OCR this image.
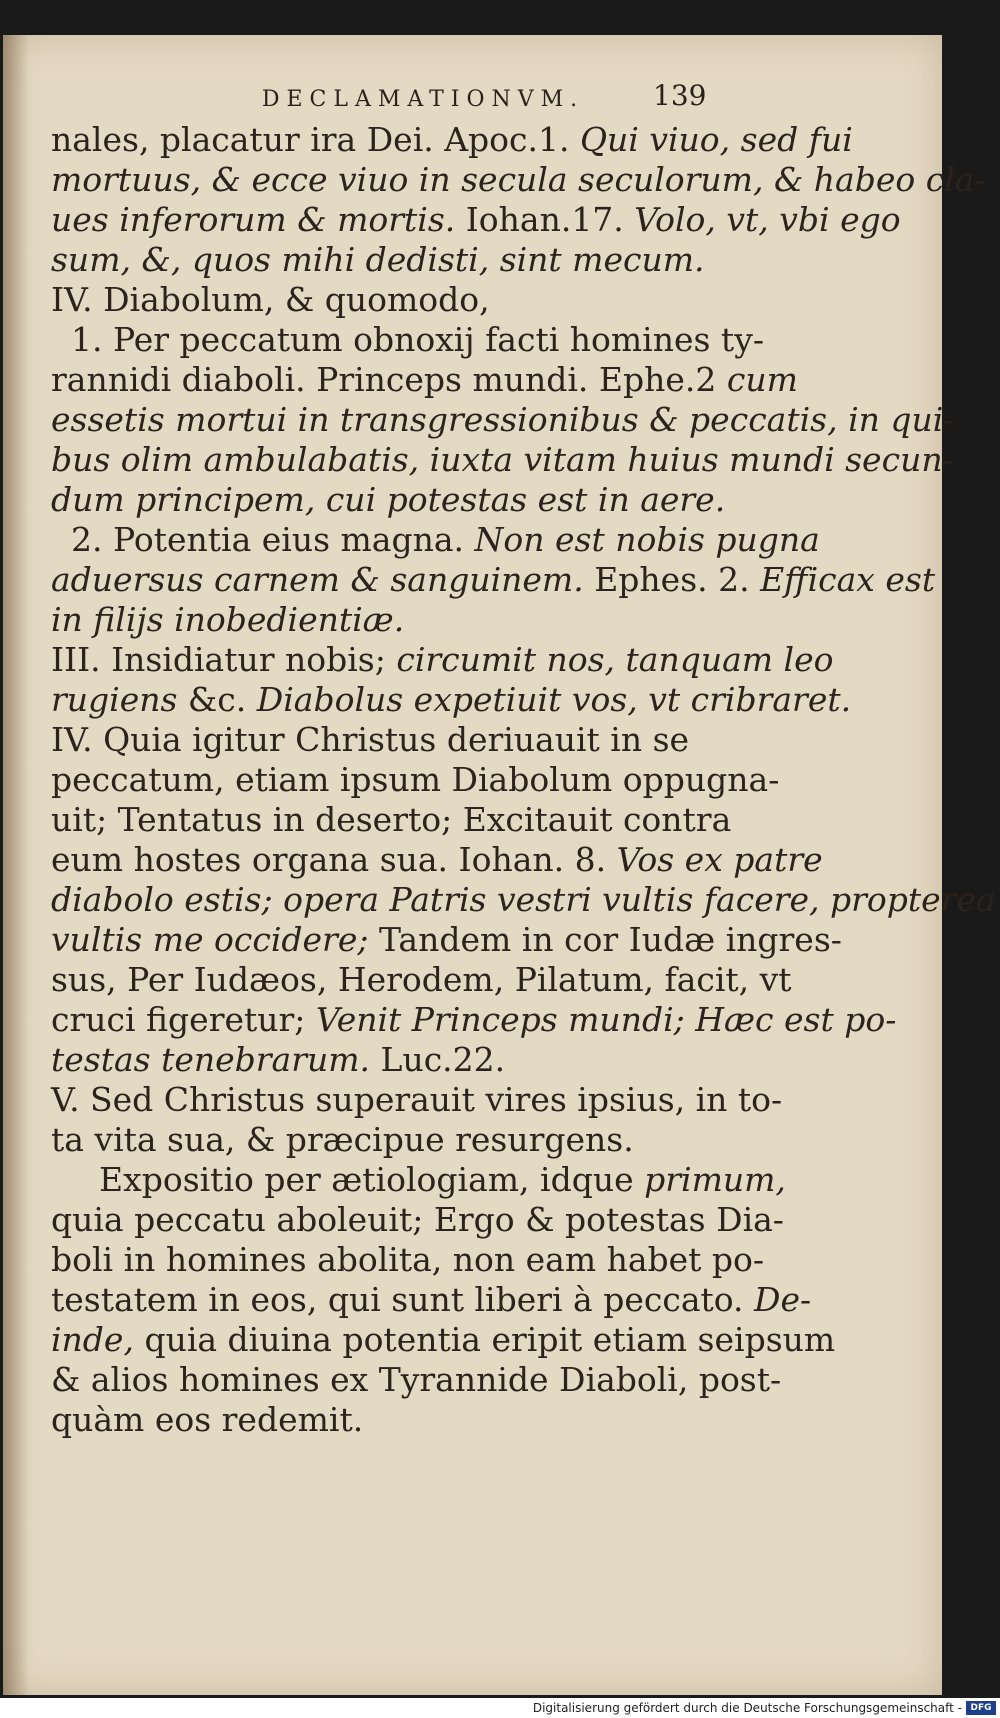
DECLAMATIONVM.	139
nales, placatur ira Dei. Apoc.1. Qui viuo, sed fui
mortuus, & ecce viuo in secula seculorum, & habeo cla-
ues inferorum & mortis. Iohan.17. Volo, vt, vbi ego
sum, &, quos mihi dedisti, sint mecum.
IV. Diabolum, & quomodo,
1. Per peccatum obnoxij facti homines ty-
rannidi diaboli. Princeps mundi. Ephe.2 cum
essetis mortui in transgressionibus & peccatis, in qui-
bus olim ambulabatis, iuxta vitam huius mundi secun-
dum principem, cui potestas est in aere.
2. Potentia eius magna. Non est nobis pugna
aduersus carnem & sanguinem. Ephes. 2. Efficax est
in filijs inobedientiæ.
III. Insidiatur nobis; circumit nos, tanquam leo
rugiens &c. Diabolus expetiuit vos, vt cribraret.
IV. Quia igitur Christus deriuauit in se
peccatum, etiam ipsum Diabolum oppugna-
uit; Tentatus in deserto; Excitauit contra
eum hostes organa sua. Iohan. 8. Vos ex patre
diabolo estis; opera Patris vestri vultis facere, propterea
vultis me occidere; Tandem in cor Iudæ ingres-
sus, Per Iudæos, Herodem, Pilatum, facit, vt
cruci figeretur; Venit Princeps mundi; Hæc est po-
testas tenebrarum. Luc.22.
V. Sed Christus superauit vires ipsius, in to-
ta vita sua, & præcipue resurgens.
Expositio per ætiologiam, idque primum,
quia peccatu aboleuit; Ergo & potestas Dia-
boli in homines abolita, non eam habet po-
testatem in eos, qui sunt liberi à peccato. De-
inde, quia diuina potentia eripit etiam seipsum
& alios homines ex Tyrannide Diaboli, post-
quàm eos redemit.
Digitalisierung gefördert durch die Deutsche Forschungsgemeinschaft - DFG
